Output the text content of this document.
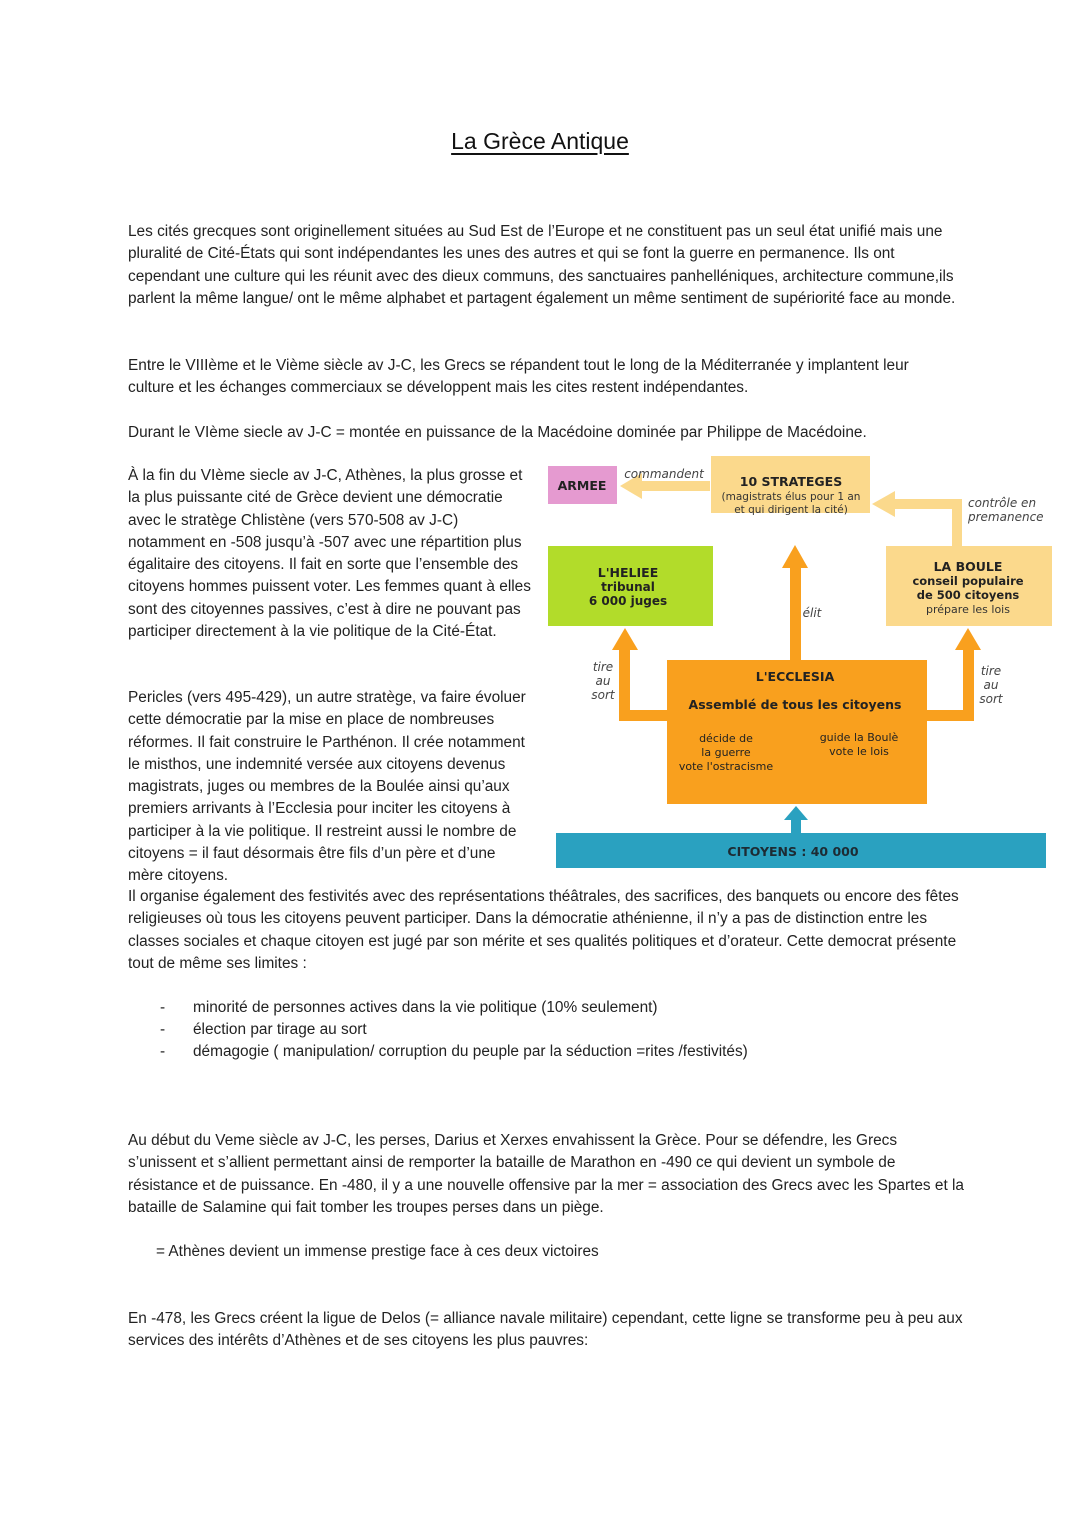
La Grèce Antique
Les cités grecques sont originellement situées au Sud Est de l’Europe et ne constituent pas un seul état unifié mais une pluralité de Cité-États qui sont indépendantes les unes des autres et qui se font la guerre en permanence. Ils ont cependant une culture qui les réunit avec des dieux communs, des sanctuaires panhelléniques, architecture commune,ils parlent la même langue/ ont le même alphabet et partagent également un même sentiment de supériorité face au monde.
Entre le VIIIème et le Vième siècle av J-C, les Grecs se répandent tout le long de la Méditerranée y implantent leur culture et les échanges commerciaux se développent mais les cites restent indépendantes.
Durant le VIème siecle av J-C = montée en puissance de la Macédoine dominée par Philippe de Macédoine.
À la fin du VIème siecle av J-C, Athènes, la plus grosse et la plus puissante cité de Grèce devient une démocratie avec le stratège Chlistène (vers 570-508 av J-C) notamment en -508 jusqu’à -507 avec une répartition plus égalitaire des citoyens. Il fait en sorte que l’ensemble des citoyens hommes puissent voter. Les femmes quant à elles sont des citoyennes passives, c’est à dire ne pouvant pas participer directement à la vie politique de la Cité-État.
Pericles (vers 495-429), un autre stratège, va faire évoluer cette démocratie par la mise en place de nombreuses réformes. Il fait construire le Parthénon. Il crée notamment le misthos, une indemnité versée aux citoyens devenus magistrats, juges ou membres de la Boulée ainsi qu’aux premiers arrivants à l’Ecclesia pour inciter les citoyens à participer à la vie politique. Il restreint aussi le nombre de citoyens = il faut désormais être fils d’un père et d’une mère citoyens.
Il organise également des festivités avec des représentations théâtrales, des sacrifices, des banquets ou encore des fêtes religieuses où tous les citoyens peuvent participer. Dans la démocratie athénienne, il n’y a pas de distinction entre les classes sociales et chaque citoyen est jugé par son mérite et ses qualités politiques et d’orateur. Cette democrat présente tout de même ses limites :
- minorité de personnes actives dans la vie politique (10% seulement)
- élection par tirage au sort
- démagogie ( manipulation/ corruption du peuple par la séduction =rites /festivités)
Au début du Veme siècle av J-C, les perses, Darius et Xerxes envahissent la Grèce. Pour se défendre, les Grecs s’unissent et s’allient permettant ainsi de remporter la bataille de Marathon en -490 ce qui devient un symbole de résistance et de puissance. En -480, il y a une nouvelle offensive par la mer = association des Grecs avec les Spartes et la bataille de Salamine qui fait tomber les troupes perses dans un piège.
= Athènes devient un immense prestige face à ces deux victoires
En -478, les Grecs créent la ligue de Delos (= alliance navale militaire) cependant, cette ligne se transforme peu à peu aux services des intérêts d’Athènes et de ses citoyens les plus pauvres:
ARMEE
commandent	10 STRATEGES
(magistrats élus pour 1 an
et qui dirigent la cité)	contrôle en
premanence
L'HELIEE
tribunal
6 000 juges
LA BOULE
conseil populaire
de 500 citoyens
prépare les lois
élit
tire
au
sort
tire
au
sort
L'ECCLESIA
Assemblé de tous les citoyens
décide de
la guerre
vote l'ostracisme
guide la Boulè
vote le lois
CITOYENS : 40 000
